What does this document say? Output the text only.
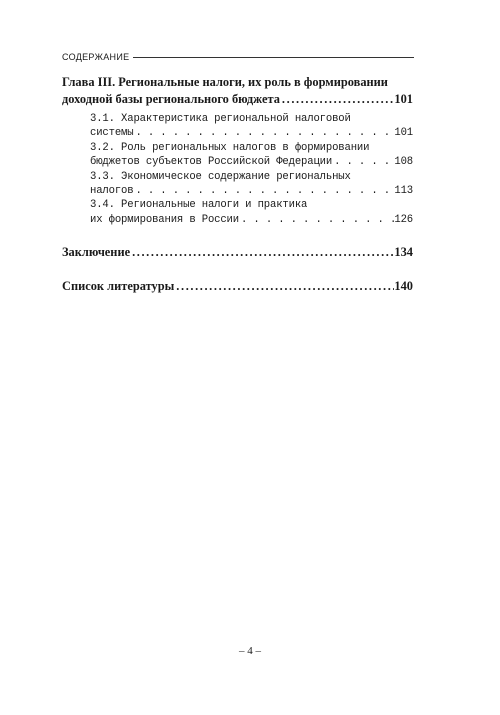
СОДЕРЖАНИЕ
Глава III. Региональные налоги, их роль в формировании
доходной базы регионального бюджета .....	101
3.1. Характеристика региональной налоговой
системы . . .	101
3.2. Роль региональных налогов в формировании
бюджетов субъектов Российской Федерации . . .	108
3.3. Экономическое содержание региональных
налогов . . .	113
3.4. Региональные налоги и практика
их формирования в России . . .	126
Заключение .....	134
Список литературы .....	140
– 4 –
